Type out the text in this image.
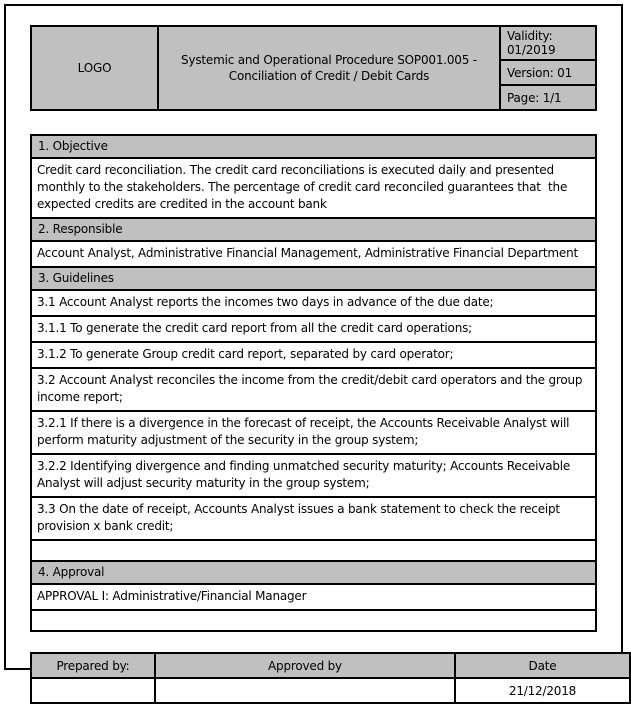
LOGO	Systemic and Operational Procedure SOP001.005 - Conciliation of Credit / Debit Cards	Validity: 01/2019
Version: 01
Page: 1/1
1. Objective
Credit card reconciliation. The credit card reconciliations is executed daily and presented monthly to the stakeholders. The percentage of credit card reconciled guarantees that  the expected credits are credited in the account bank
2. Responsible
Account Analyst, Administrative Financial Management, Administrative Financial Department
3. Guidelines
3.1 Account Analyst reports the incomes two days in advance of the due date;
3.1.1 To generate the credit card report from all the credit card operations;
3.1.2 To generate Group credit card report, separated by card operator;
3.2 Account Analyst reconciles the income from the credit/debit card operators and the group income report;
3.2.1 If there is a divergence in the forecast of receipt, the Accounts Receivable Analyst will perform maturity adjustment of the security in the group system;
3.2.2 Identifying divergence and finding unmatched security maturity; Accounts Receivable Analyst will adjust security maturity in the group system;
3.3 On the date of receipt, Accounts Analyst issues a bank statement to check the receipt provision x bank credit;

4. Approval
APPROVAL I: Administrative/Financial Manager

Prepared by:	Approved by	Date
		21/12/2018
